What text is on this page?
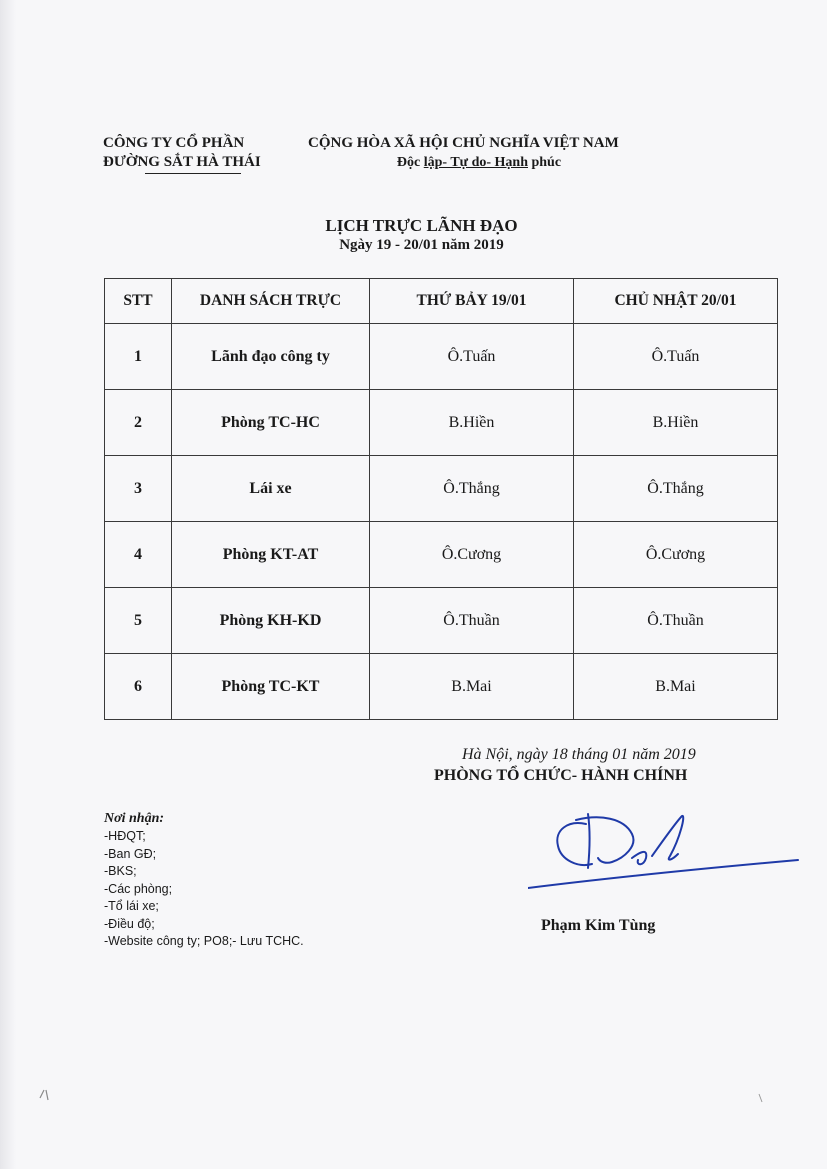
CÔNG TY CỔ PHẦN
ĐƯỜNG SẮT HÀ THÁI
CỘNG HÒA XÃ HỘI CHỦ NGHĨA VIỆT NAM
Độc lập- Tự do- Hạnh phúc
LỊCH TRỰC LÃNH ĐẠO
Ngày 19 - 20/01 năm 2019
STT	DANH SÁCH TRỰC	THỨ BẢY 19/01	CHỦ NHẬT 20/01
1	Lãnh đạo công ty	Ô.Tuấn	Ô.Tuấn
2	Phòng TC-HC	B.Hiền	B.Hiền
3	Lái xe	Ô.Thắng	Ô.Thắng
4	Phòng KT-AT	Ô.Cương	Ô.Cương
5	Phòng KH-KD	Ô.Thuần	Ô.Thuần
6	Phòng TC-KT	B.Mai	B.Mai
Hà Nội, ngày 18 tháng 01 năm 2019
PHÒNG TỔ CHỨC- HÀNH CHÍNH
Nơi nhận:
-HĐQT;
-Ban GĐ;
-BKS;
-Các phòng;
-Tổ lái xe;
-Điều độ;
-Website công ty; PO8;- Lưu TCHC.
Phạm Kim Tùng
